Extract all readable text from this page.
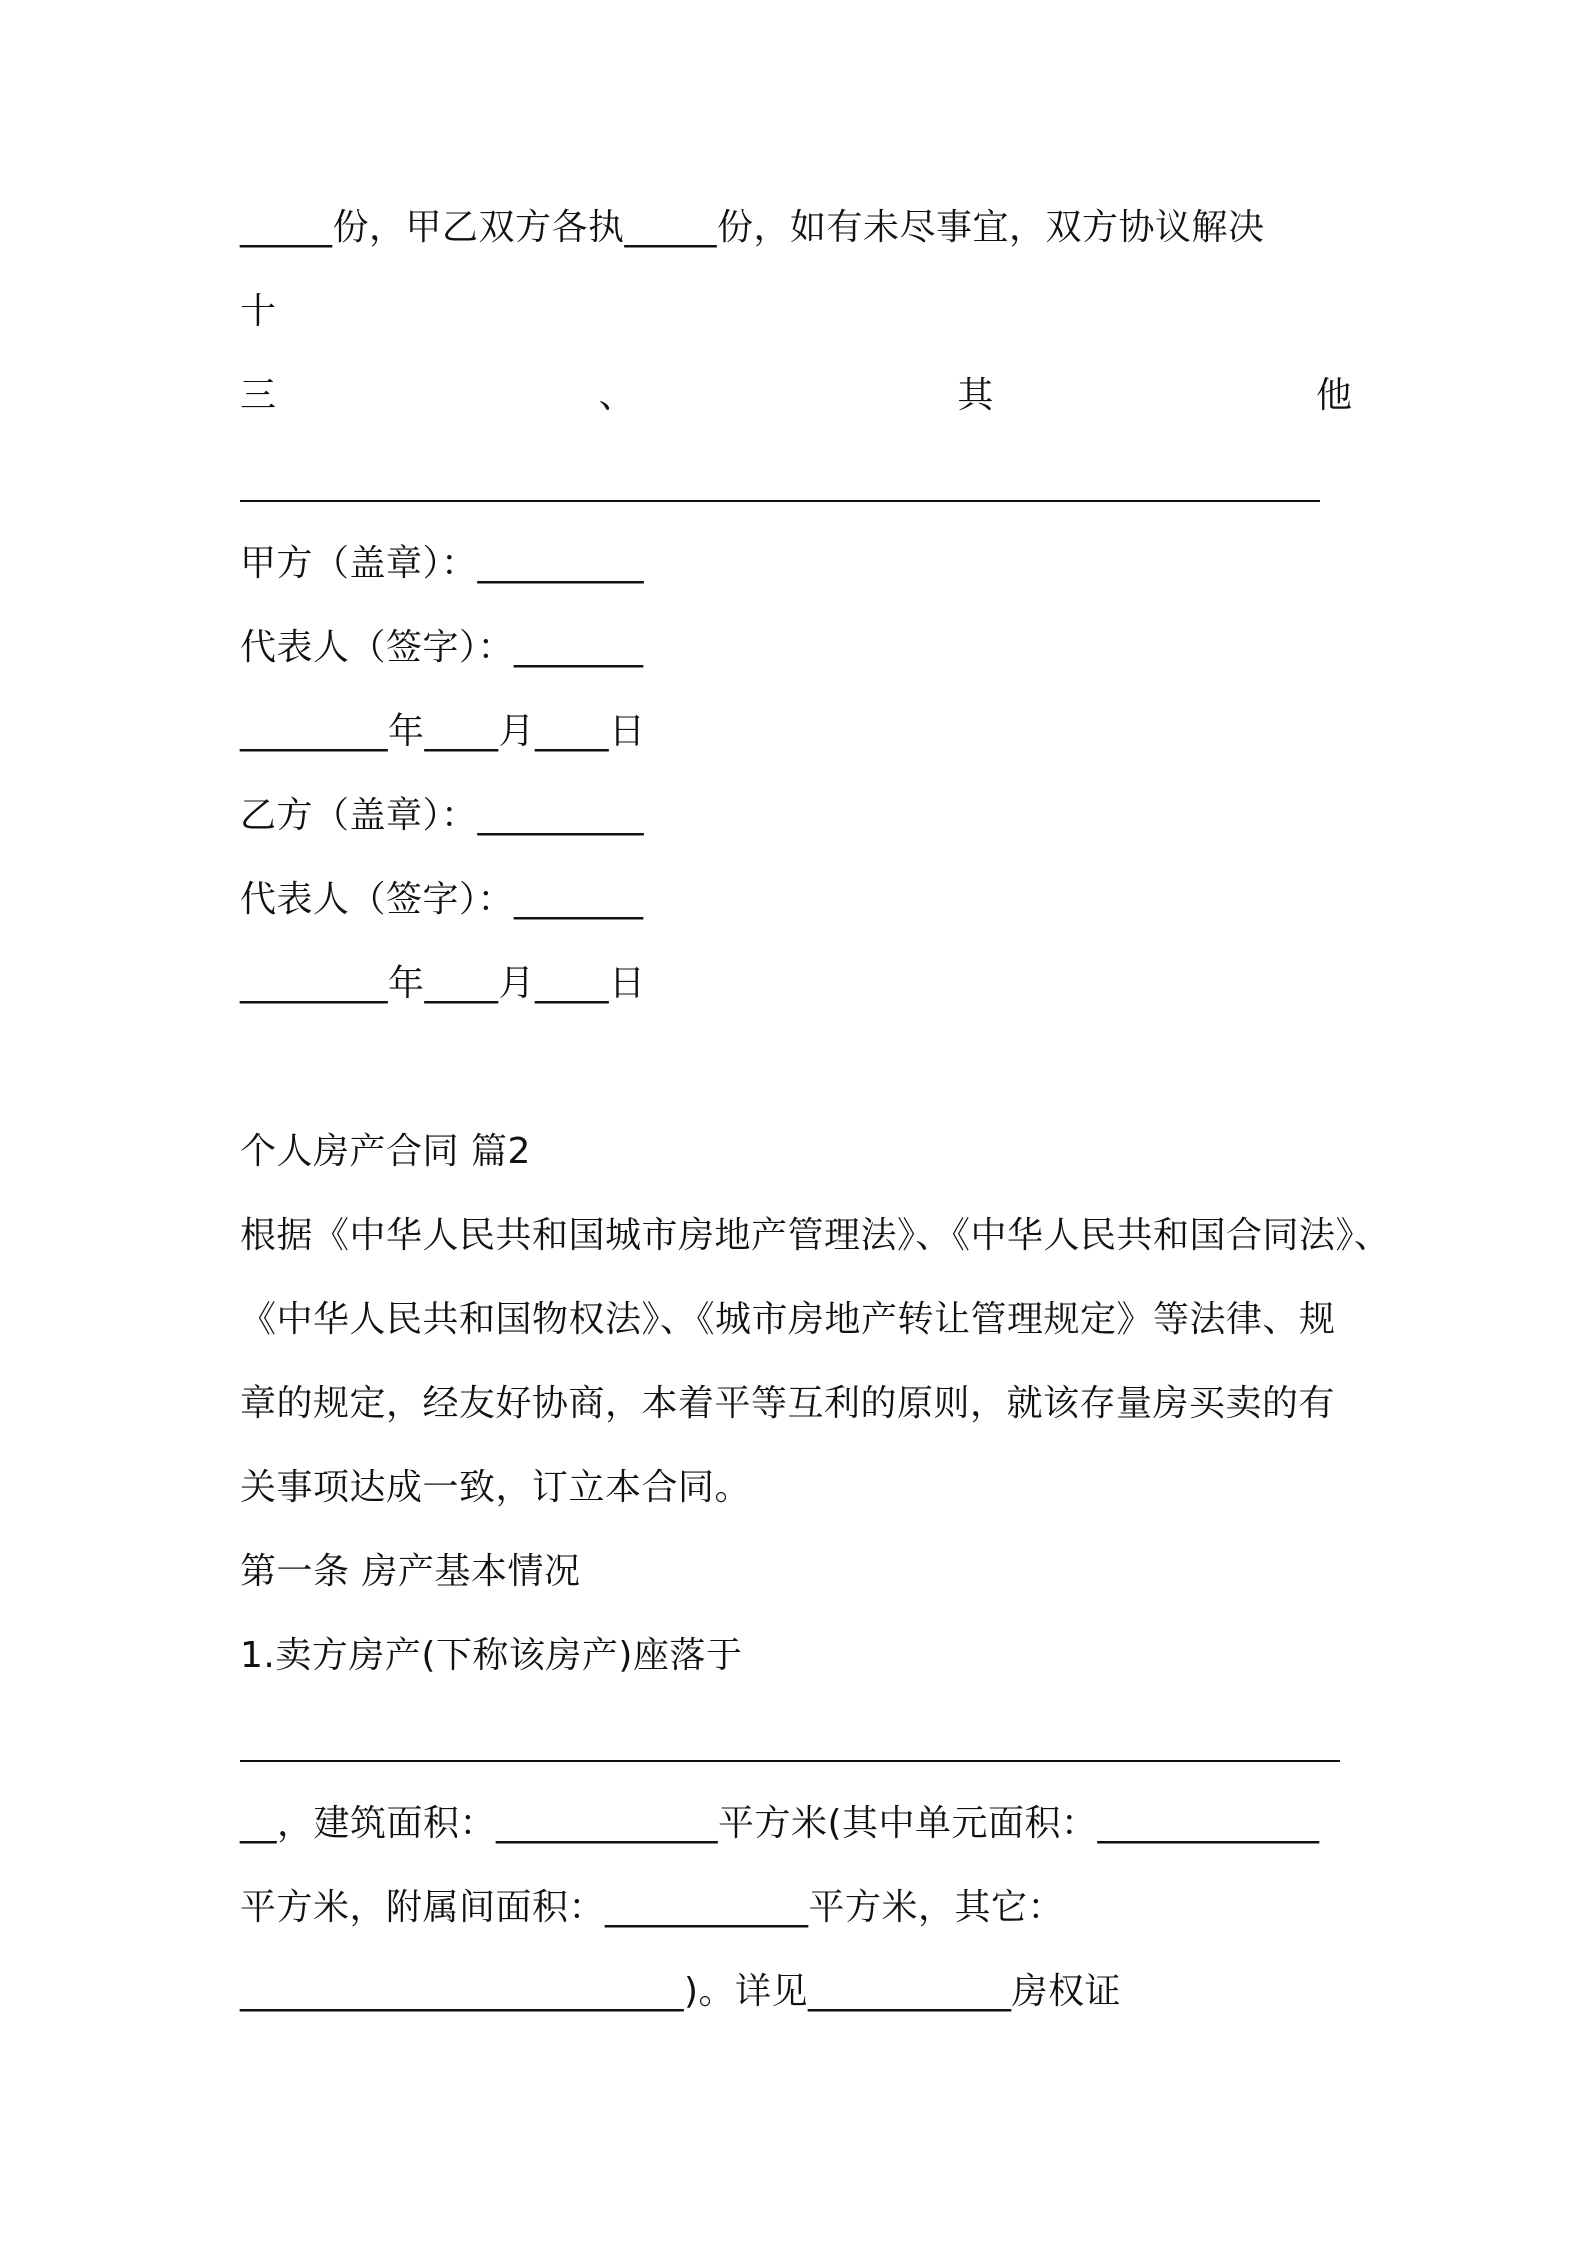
_____份，甲乙双方各执_____份，如有未尽事宜，双方协议解决
十
三	、	其	他
甲方（盖章）：_________
代表人（签字）：_______
________年____月____日
乙方（盖章）：_________
代表人（签字）：_______
________年____月____日
个人房产合同 篇2
根据《中华人民共和国城市房地产管理法》、《中华人民共和国合同法》、
《中华人民共和国物权法》、《城市房地产转让管理规定》等法律、规
章的规定，经友好协商，本着平等互利的原则，就该存量房买卖的有
关事项达成一致，订立本合同。
第一条 房产基本情况
1.卖方房产(下称该房产)座落于
__，建筑面积：____________平方米(其中单元面积：____________
平方米，附属间面积：___________平方米，其它：
________________________)。详见___________房权证
